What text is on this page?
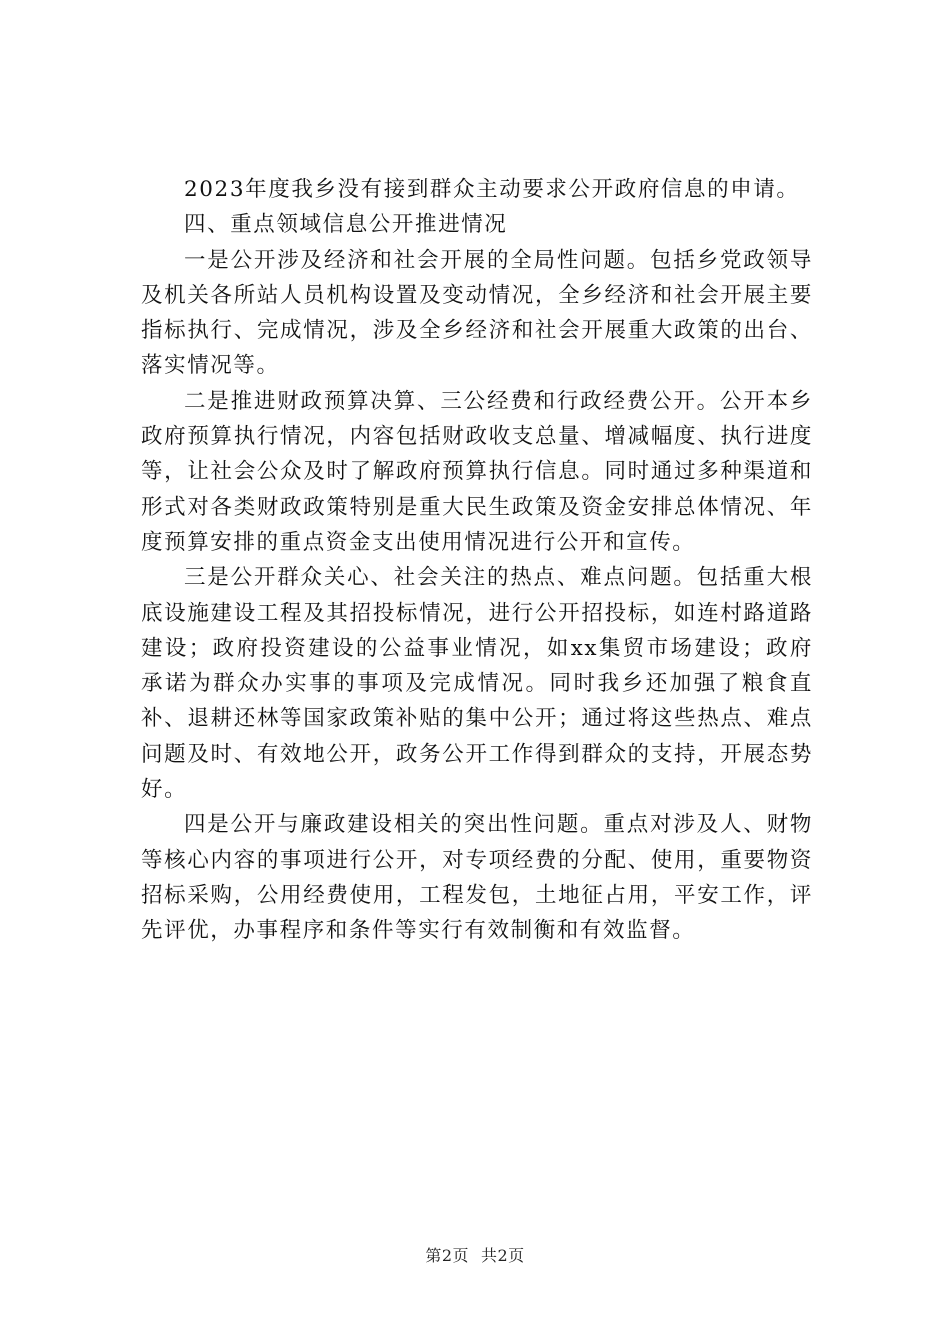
2023年度我乡没有接到群众主动要求公开政府信息的申请。

四、重点领域信息公开推进情况

一是公开涉及经济和社会开展的全局性问题。包括乡党政领导及机关各所站人员机构设置及变动情况，全乡经济和社会开展主要指标执行、完成情况，涉及全乡经济和社会开展重大政策的出台、落实情况等。

二是推进财政预算决算、三公经费和行政经费公开。公开本乡政府预算执行情况，内容包括财政收支总量、增减幅度、执行进度等，让社会公众及时了解政府预算执行信息。同时通过多种渠道和形式对各类财政政策特别是重大民生政策及资金安排总体情况、年度预算安排的重点资金支出使用情况进行公开和宣传。

三是公开群众关心、社会关注的热点、难点问题。包括重大根底设施建设工程及其招投标情况，进行公开招投标，如连村路道路建设；政府投资建设的公益事业情况，如xx集贸市场建设；政府承诺为群众办实事的事项及完成情况。同时我乡还加强了粮食直补、退耕还林等国家政策补贴的集中公开；通过将这些热点、难点问题及时、有效地公开，政务公开工作得到群众的支持，开展态势好。

四是公开与廉政建设相关的突出性问题。重点对涉及人、财物等核心内容的事项进行公开，对专项经费的分配、使用，重要物资招标采购，公用经费使用，工程发包，土地征占用，平安工作，评先评优，办事程序和条件等实行有效制衡和有效监督。

第2页 共2页
